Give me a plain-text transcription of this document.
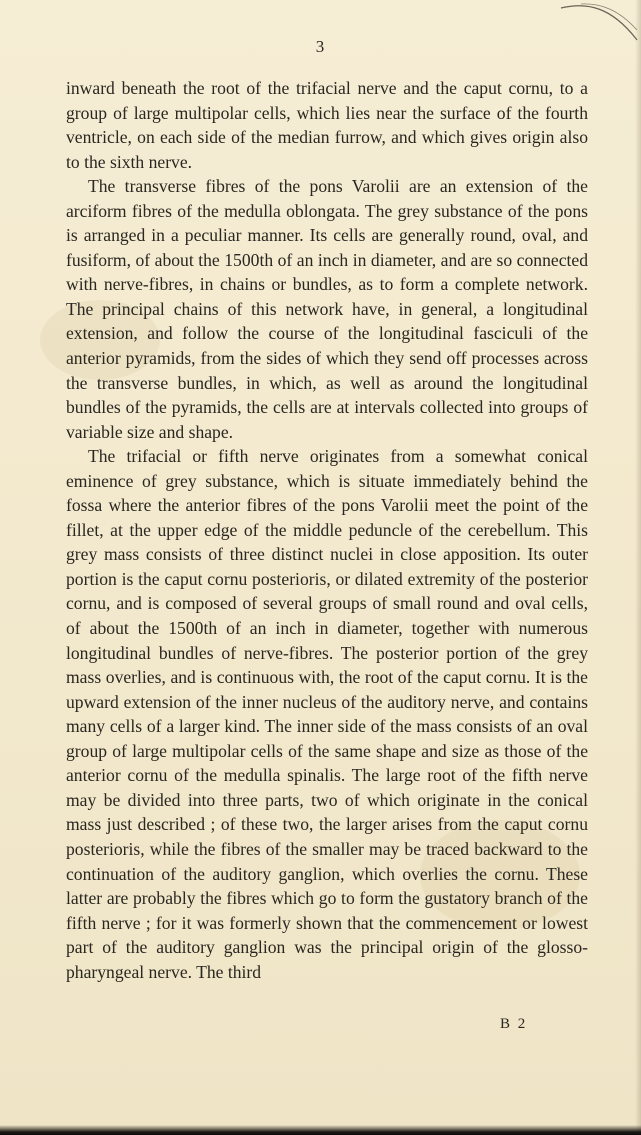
3

inward beneath the root of the trifacial nerve and the caput cornu, to a group of large multipolar cells, which lies near the surface of the fourth ventricle, on each side of the median furrow, and which gives origin also to the sixth nerve.

The transverse fibres of the pons Varolii are an extension of the arciform fibres of the medulla oblongata. The grey substance of the pons is arranged in a peculiar manner. Its cells are generally round, oval, and fusiform, of about the 1500th of an inch in diameter, and are so connected with nerve-fibres, in chains or bundles, as to form a complete network. The principal chains of this network have, in general, a longitudinal extension, and follow the course of the longitudinal fasciculi of the anterior pyramids, from the sides of which they send off processes across the transverse bundles, in which, as well as around the longitudinal bundles of the pyramids, the cells are at intervals collected into groups of variable size and shape.

The trifacial or fifth nerve originates from a somewhat conical eminence of grey substance, which is situate immediately behind the fossa where the anterior fibres of the pons Varolii meet the point of the fillet, at the upper edge of the middle peduncle of the cerebellum. This grey mass consists of three distinct nuclei in close apposition. Its outer portion is the caput cornu posterioris, or dilated extremity of the posterior cornu, and is composed of several groups of small round and oval cells, of about the 1500th of an inch in diameter, together with numerous longitudinal bundles of nerve-fibres. The posterior portion of the grey mass overlies, and is continuous with, the root of the caput cornu. It is the upward extension of the inner nucleus of the auditory nerve, and contains many cells of a larger kind. The inner side of the mass consists of an oval group of large multipolar cells of the same shape and size as those of the anterior cornu of the medulla spinalis. The large root of the fifth nerve may be divided into three parts, two of which originate in the conical mass just described ; of these two, the larger arises from the caput cornu posterioris, while the fibres of the smaller may be traced backward to the continuation of the auditory ganglion, which overlies the cornu. These latter are probably the fibres which go to form the gustatory branch of the fifth nerve ; for it was formerly shown that the commencement or lowest part of the auditory ganglion was the principal origin of the glosso-pharyngeal nerve. The third

B 2
